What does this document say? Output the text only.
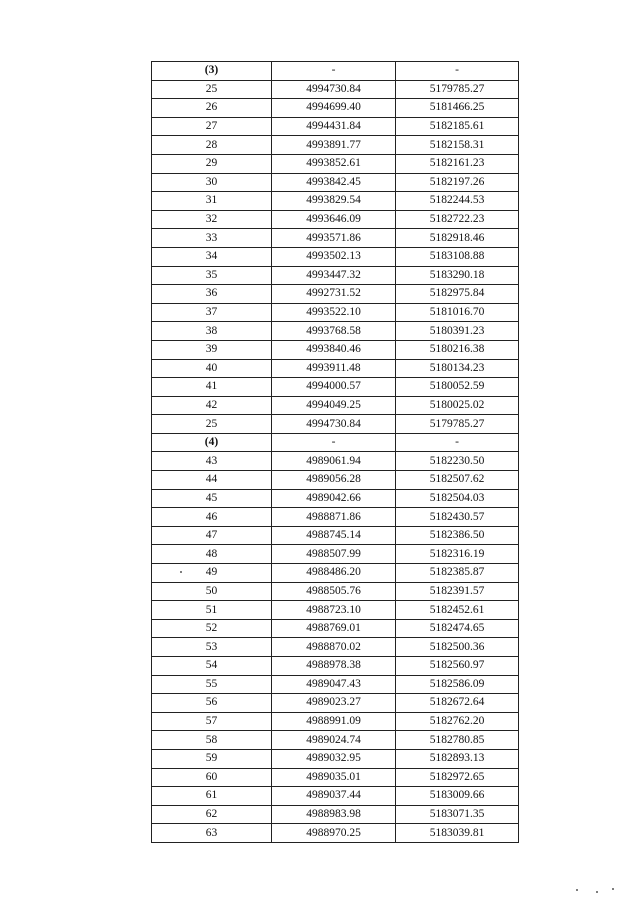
(3)	-	-
25	4994730.84	5179785.27
26	4994699.40	5181466.25
27	4994431.84	5182185.61
28	4993891.77	5182158.31
29	4993852.61	5182161.23
30	4993842.45	5182197.26
31	4993829.54	5182244.53
32	4993646.09	5182722.23
33	4993571.86	5182918.46
34	4993502.13	5183108.88
35	4993447.32	5183290.18
36	4992731.52	5182975.84
37	4993522.10	5181016.70
38	4993768.58	5180391.23
39	4993840.46	5180216.38
40	4993911.48	5180134.23
41	4994000.57	5180052.59
42	4994049.25	5180025.02
25	4994730.84	5179785.27
(4)	-	-
43	4989061.94	5182230.50
44	4989056.28	5182507.62
45	4989042.66	5182504.03
46	4988871.86	5182430.57
47	4988745.14	5182386.50
48	4988507.99	5182316.19
49	4988486.20	5182385.87
50	4988505.76	5182391.57
51	4988723.10	5182452.61
52	4988769.01	5182474.65
53	4988870.02	5182500.36
54	4988978.38	5182560.97
55	4989047.43	5182586.09
56	4989023.27	5182672.64
57	4988991.09	5182762.20
58	4989024.74	5182780.85
59	4989032.95	5182893.13
60	4989035.01	5182972.65
61	4989037.44	5183009.66
62	4988983.98	5183071.35
63	4988970.25	5183039.81
